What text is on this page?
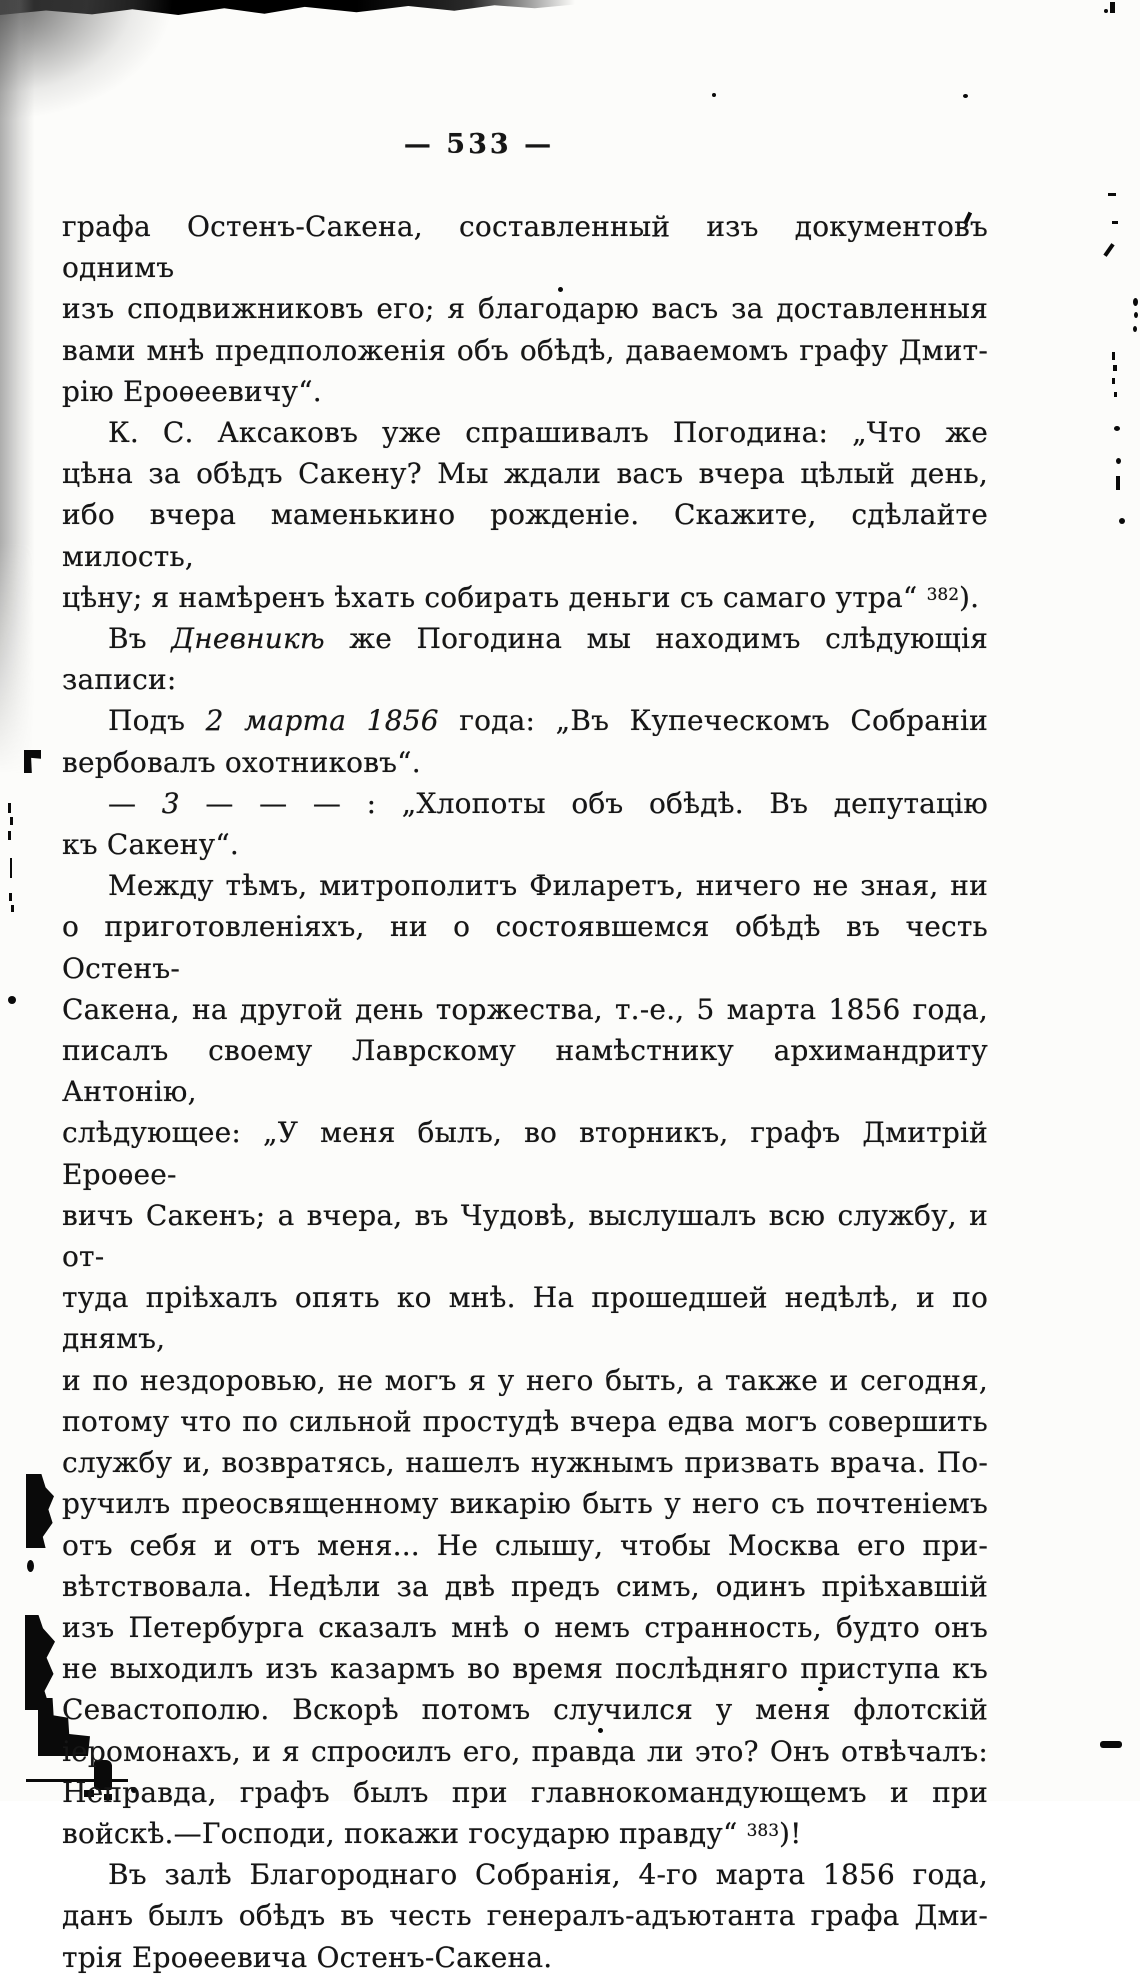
— 533 —
графа Остенъ-Сакена, составленный изъ документовъ однимъ
изъ сподвижниковъ его; я благодарю васъ за доставленныя
вами мнѣ предположенія объ обѣдѣ, даваемомъ графу Дмит-
рію Ероѳеевичу“.
К. С. Аксаковъ уже спрашивалъ Погодина: „Что же
цѣна за обѣдъ Сакену? Мы ждали васъ вчера цѣлый день,
ибо вчера маменькино рожденіе. Скажите, сдѣлайте милость,
цѣну; я намѣренъ ѣхать собирать деньги съ самаго утра“ $^{382}$).
Въ Дневникѣ же Погодина мы находимъ слѣдующія записи:
Подъ 2 марта 1856 года: „Въ Купеческомъ Собраніи
вербовалъ охотниковъ“.
— 3 — — — : „Хлопоты объ обѣдѣ. Въ депутацію
къ Сакену“.
Между тѣмъ, митрополитъ Филаретъ, ничего не зная, ни
о приготовленіяхъ, ни о состоявшемся обѣдѣ въ честь Остенъ-
Сакена, на другой день торжества, т.-е., 5 марта 1856 года,
писалъ своему Лаврскому намѣстнику архимандриту Антонію,
слѣдующее: „У меня былъ, во вторникъ, графъ Дмитрій Ероѳее-
вичъ Сакенъ; а вчера, въ Чудовѣ, выслушалъ всю службу, и от-
туда пріѣхалъ опять ко мнѣ. На прошедшей недѣлѣ, и по днямъ,
и по нездоровью, не могъ я у него быть, а также и сегодня,
потому что по сильной простудѣ вчера едва могъ совершить
службу и, возвратясь, нашелъ нужнымъ призвать врача. По-
ручилъ преосвященному викарію быть у него съ почтеніемъ
отъ себя и отъ меня... Не слышу, чтобы Москва его при-
вѣтствовала. Недѣли за двѣ предъ симъ, одинъ пріѣхавшій
изъ Петербурга сказалъ мнѣ о немъ странность, будто онъ
не выходилъ изъ казармъ во время послѣдняго приступа къ
Севастополю. Вскорѣ потомъ случился у меня флотскій
іеромонахъ, и я спросилъ его, правда ли это? Онъ отвѣчалъ:
Неправда, графъ былъ при главнокомандующемъ и при
войскѣ.—Господи, покажи государю правду“ $^{383}$)!
Въ залѣ Благороднаго Собранія, 4-го марта 1856 года,
данъ былъ обѣдъ въ честь генералъ-адъютанта графа Дми-
трія Ероѳеевича Остенъ-Сакена.
